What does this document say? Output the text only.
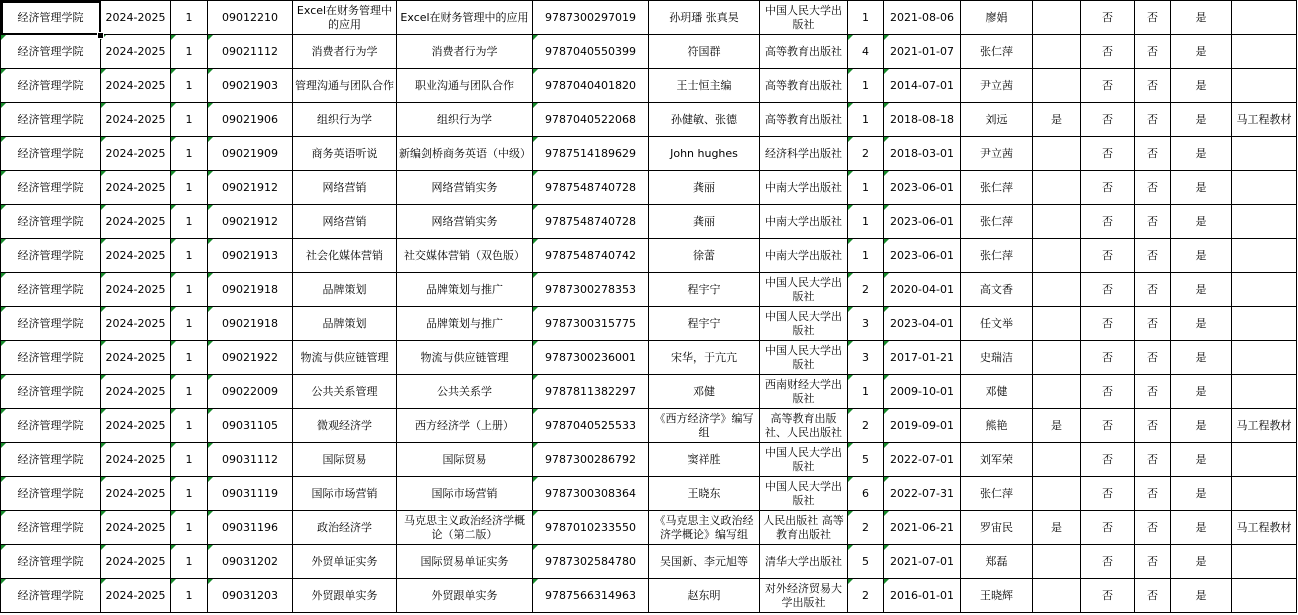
经济管理学院	2024-2025	1	09012210	Excel在财务管理中的应用	Excel在财务管理中的应用	9787300297019	孙玥璠 张真昊	中国人民大学出版社	1	2021-08-06	廖娟		否	否	是	
经济管理学院	2024-2025	1	09021112	消费者行为学	消费者行为学	9787040550399	符国群	高等教育出版社	4	2021-01-07	张仁萍		否	否	是	
经济管理学院	2024-2025	1	09021903	管理沟通与团队合作	职业沟通与团队合作	9787040401820	王士恒主编	高等教育出版社	1	2014-07-01	尹立茜		否	否	是	
经济管理学院	2024-2025	1	09021906	组织行为学	组织行为学	9787040522068	孙健敏、张德	高等教育出版社	1	2018-08-18	刘远	是	否	否	是	马工程教材
经济管理学院	2024-2025	1	09021909	商务英语听说	新编剑桥商务英语（中级）	9787514189629	John hughes	经济科学出版社	2	2018-03-01	尹立茜		否	否	是	
经济管理学院	2024-2025	1	09021912	网络营销	网络营销实务	9787548740728	龚丽	中南大学出版社	1	2023-06-01	张仁萍		否	否	是	
经济管理学院	2024-2025	1	09021912	网络营销	网络营销实务	9787548740728	龚丽	中南大学出版社	1	2023-06-01	张仁萍		否	否	是	
经济管理学院	2024-2025	1	09021913	社会化媒体营销	社交媒体营销（双色版）	9787548740742	徐蕾	中南大学出版社	1	2023-06-01	张仁萍		否	否	是	
经济管理学院	2024-2025	1	09021918	品牌策划	品牌策划与推广	9787300278353	程宇宁	中国人民大学出版社	2	2020-04-01	高文香		否	否	是	
经济管理学院	2024-2025	1	09021918	品牌策划	品牌策划与推广	9787300315775	程宇宁	中国人民大学出版社	3	2023-04-01	任文举		否	否	是	
经济管理学院	2024-2025	1	09021922	物流与供应链管理	物流与供应链管理	9787300236001	宋华，于亢亢	中国人民大学出版社	3	2017-01-21	史瑞洁		否	否	是	
经济管理学院	2024-2025	1	09022009	公共关系管理	公共关系学	9787811382297	邓健	西南财经大学出版社	1	2009-10-01	邓健		否	否	是	
经济管理学院	2024-2025	1	09031105	微观经济学	西方经济学（上册）	9787040525533	《西方经济学》编写组	高等教育出版社、人民出版社	2	2019-09-01	熊艳	是	否	否	是	马工程教材
经济管理学院	2024-2025	1	09031112	国际贸易	国际贸易	9787300286792	窦祥胜	中国人民大学出版社	5	2022-07-01	刘军荣		否	否	是	
经济管理学院	2024-2025	1	09031119	国际市场营销	国际市场营销	9787300308364	王晓东	中国人民大学出版社	6	2022-07-31	张仁萍		否	否	是	
经济管理学院	2024-2025	1	09031196	政治经济学	马克思主义政治经济学概论（第二版）	9787010233550	《马克思主义政治经济学概论》编写组	人民出版社 高等教育出版社	2	2021-06-21	罗宙民	是	否	否	是	马工程教材
经济管理学院	2024-2025	1	09031202	外贸单证实务	国际贸易单证实务	9787302584780	吴国新、李元旭等	清华大学出版社	5	2021-07-01	郑磊		否	否	是	
经济管理学院	2024-2025	1	09031203	外贸跟单实务	外贸跟单实务	9787566314963	赵东明	对外经济贸易大学出版社	2	2016-01-01	王晓辉		否	否	是	
